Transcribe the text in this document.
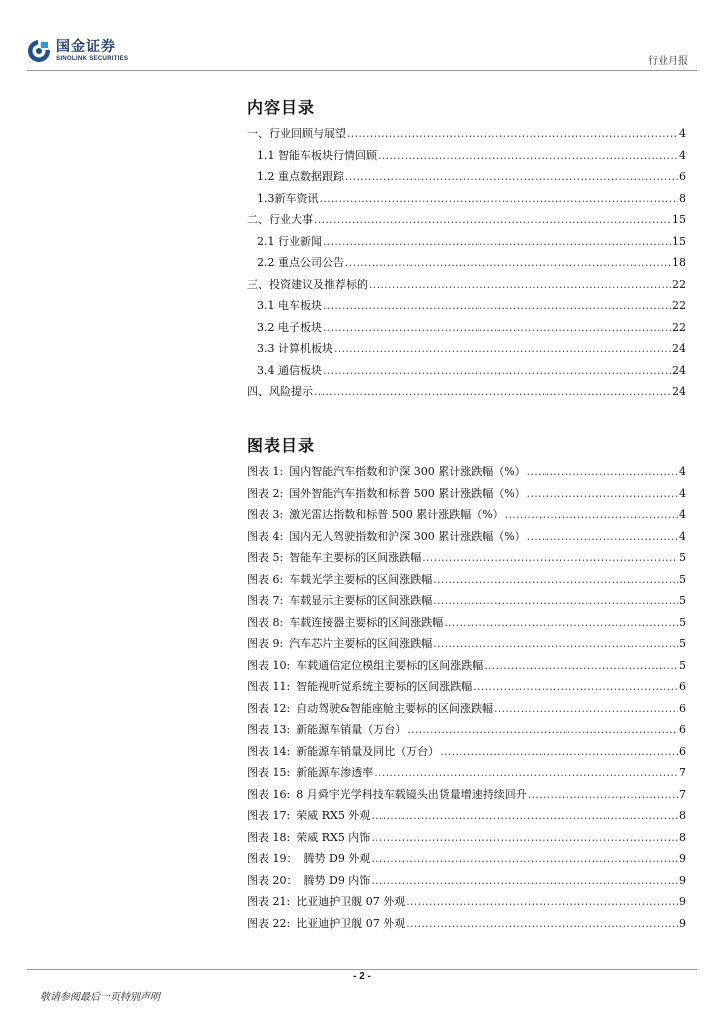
国金证券
SINOLINK SECURITIES	行业月报
内容目录
一、行业回顾与展望 .....	4
1.1 智能车板块行情回顾 .....	4
1.2 重点数据跟踪 .....	6
1.3新车资讯 .....	8
二、行业大事 .....	15
2.1 行业新闻 .....	15
2.2 重点公司公告 .....	18
三、投资建议及推荐标的 .....	22
3.1 电车板块 .....	22
3.2 电子板块 .....	22
3.3 计算机板块 .....	24
3.4 通信板块 .....	24
四、风险提示 .....	24
图表目录
图表 1: 国内智能汽车指数和沪深 300 累计涨跌幅（%） .....	4
图表 2: 国外智能汽车指数和标普 500 累计涨跌幅（%） .....	4
图表 3: 激光雷达指数和标普 500 累计涨跌幅（%） .....	4
图表 4: 国内无人驾驶指数和沪深 300 累计涨跌幅（%） .....	4
图表 5: 智能车主要标的区间涨跌幅 .....	5
图表 6: 车载光学主要标的区间涨跌幅 .....	5
图表 7: 车载显示主要标的区间涨跌幅 .....	5
图表 8: 车载连接器主要标的区间涨跌幅 .....	5
图表 9: 汽车芯片主要标的区间涨跌幅 .....	5
图表 10: 车载通信定位模组主要标的区间涨跌幅 .....	5
图表 11: 智能视听觉系统主要标的区间涨跌幅 .....	6
图表 12: 自动驾驶&智能座舱主要标的区间涨跌幅 .....	6
图表 13: 新能源车销量（万台） .....	6
图表 14: 新能源车销量及同比（万台） .....	6
图表 15: 新能源车渗透率 .....	7
图表 16: 8 月舜宇光学科技车载镜头出货量增速持续回升 .....	7
图表 17: 荣威 RX5 外观 .....	8
图表 18: 荣威 RX5 内饰 .....	8
图表 19： 腾势 D9 外观 .....	9
图表 20： 腾势 D9 内饰 .....	9
图表 21: 比亚迪护卫舰 07 外观 .....	9
图表 22: 比亚迪护卫舰 07 外观 .....	9
- 2 -
敬请参阅最后一页特别声明
